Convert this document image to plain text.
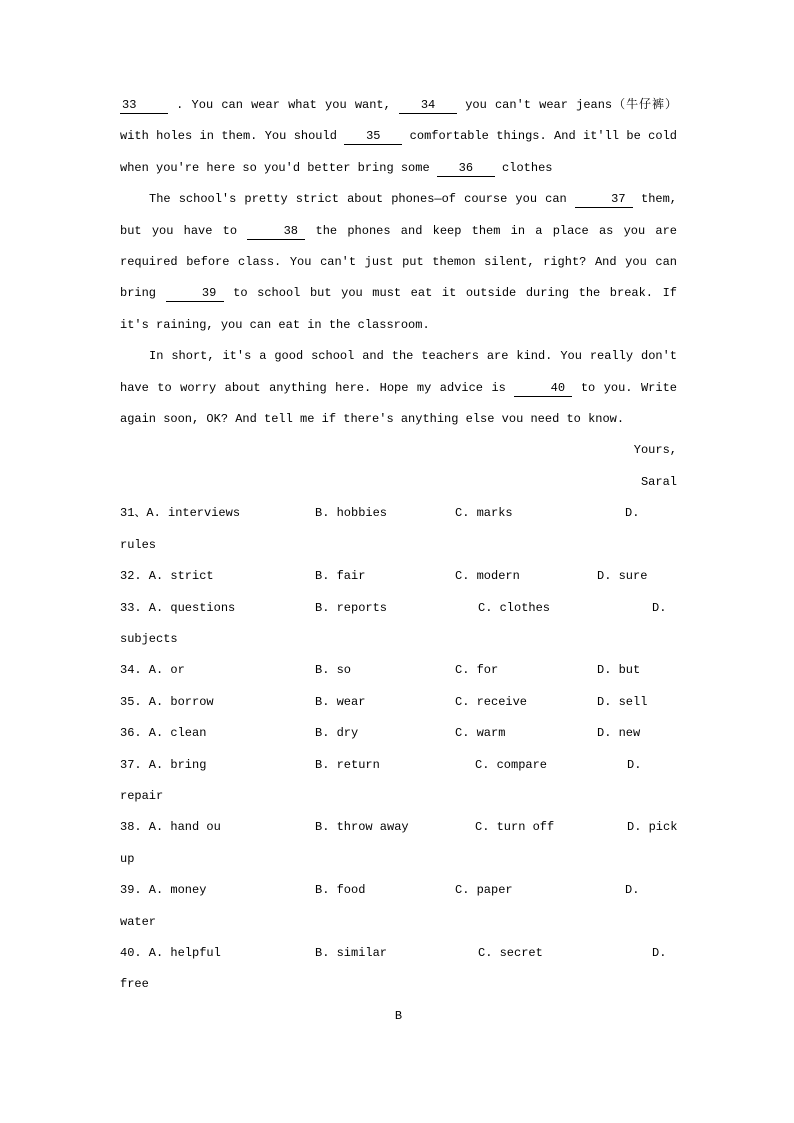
33	. You can wear what you want, 34 you can't wear jeans（牛仔裤）with holes in them. You should 35 comfortable things. And it'll be cold when you're here so you'd better bring some 36 clothes
The school's pretty strict about phones—of course you can	37 them, but you have to	38 the phones and keep them in a place as you are required before class. You can't just put themon silent, right? And you can bring	39 to school but you must eat it outside during the break. If it's raining, you can eat in the classroom.
In short, it's a good school and the teachers are kind. You really don't have to worry about anything here. Hope my advice is	40 to you. Write again soon, OK? And tell me if there's anything else vou need to know.
Yours,
Saral
31、A. interviews	B. hobbies	C. marks	D.
rules
32. A. strict	B. fair	C. modern	D. sure
33. A. questions	B. reports	C. clothes	D.
subjects
34. A. or	B. so	C. for	D. but
35. A. borrow	B. wear	C. receive	D. sell
36. A. clean	B. dry	C. warm	D. new
37. A. bring	B. return	C. compare	D.
repair
38. A. hand ou	B. throw away	C. turn off	D. pick
up
39. A. money	B. food	C. paper	D.
water
40. A. helpful	B. similar	C. secret	D.
free
B
